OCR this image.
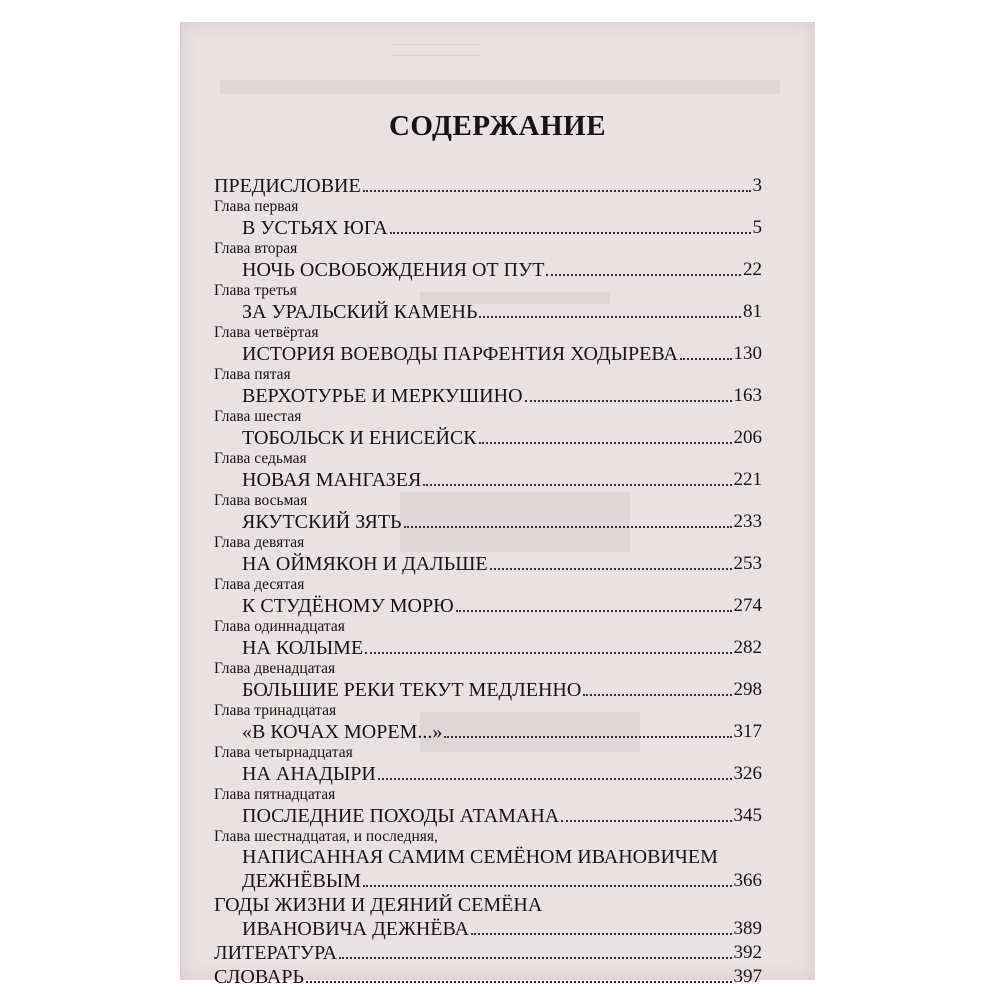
СОДЕРЖАНИЕ
ПРЕДИСЛОВИЕ	3
Глава первая
В УСТЬЯХ ЮГА	5
Глава вторая
НОЧЬ ОСВОБОЖДЕНИЯ ОТ ПУТ	22
Глава третья
ЗА УРАЛЬСКИЙ КАМЕНЬ	81
Глава четвёртая
ИСТОРИЯ ВОЕВОДЫ ПАРФЕНТИЯ ХОДЫРЕВА	130
Глава пятая
ВЕРХОТУРЬЕ И МЕРКУШИНО	163
Глава шестая
ТОБОЛЬСК И ЕНИСЕЙСК	206
Глава седьмая
НОВАЯ МАНГАЗЕЯ	221
Глава восьмая
ЯКУТСКИЙ ЗЯТЬ	233
Глава девятая
НА ОЙМЯКОН И ДАЛЬШЕ	253
Глава десятая
К СТУДЁНОМУ МОРЮ	274
Глава одиннадцатая
НА КОЛЫМЕ	282
Глава двенадцатая
БОЛЬШИЕ РЕКИ ТЕКУТ МЕДЛЕННО	298
Глава тринадцатая
«В КОЧАХ МОРЕМ...»	317
Глава четырнадцатая
НА АНАДЫРИ	326
Глава пятнадцатая
ПОСЛЕДНИЕ ПОХОДЫ АТАМАНА	345
Глава шестнадцатая, и последняя,
НАПИСАННАЯ САМИМ СЕМЁНОМ ИВАНОВИЧЕМ
ДЕЖНЁВЫМ	366
ГОДЫ ЖИЗНИ И ДЕЯНИЙ СЕМЁНА
ИВАНОВИЧА ДЕЖНЁВА	389
ЛИТЕРАТУРА	392
СЛОВАРЬ	397
